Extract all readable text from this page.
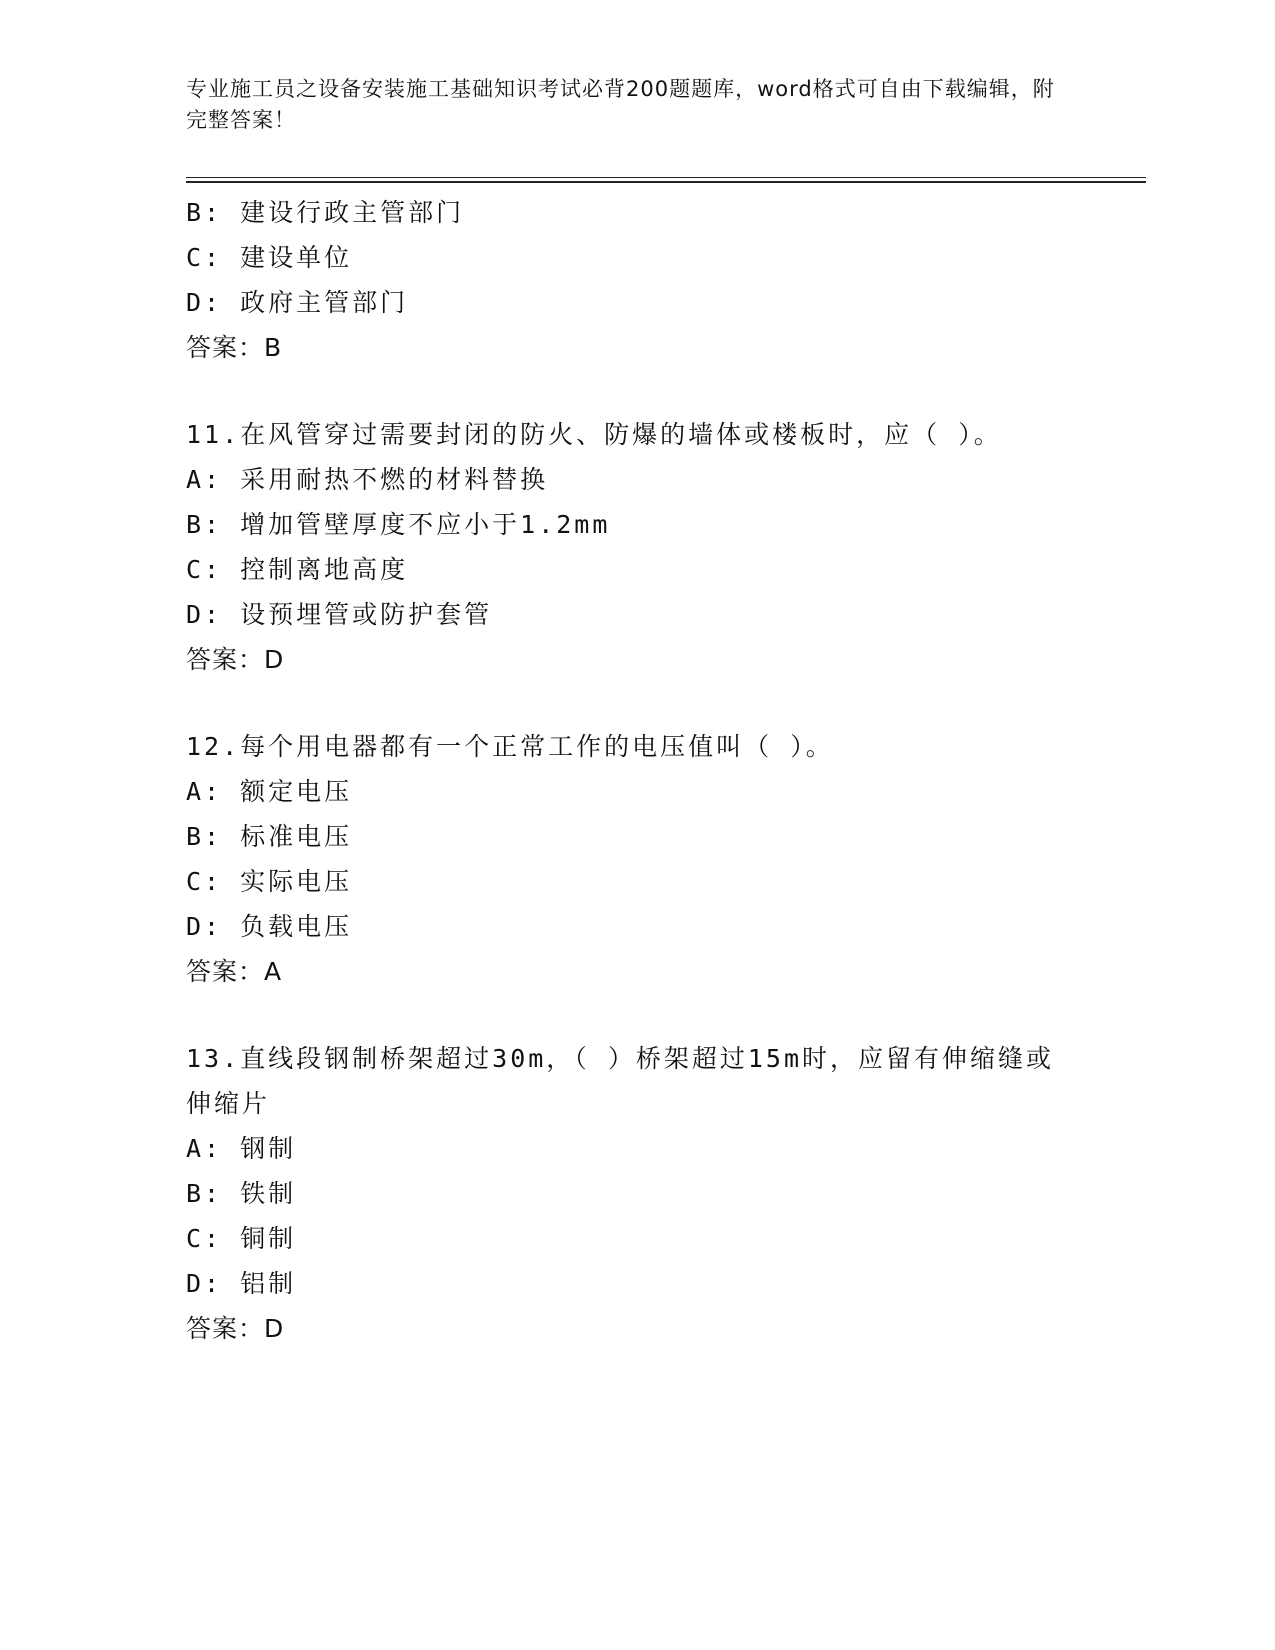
专业施工员之设备安装施工基础知识考试必背200题题库，word格式可自由下载编辑，附完整答案！
B: 建设行政主管部门
C: 建设单位
D: 政府主管部门
答案：B
11.在风管穿过需要封闭的防火、防爆的墙体或楼板时，应（ ）。
A: 采用耐热不燃的材料替换
B: 增加管壁厚度不应小于1.2mm
C: 控制离地高度
D: 设预埋管或防护套管
答案：D
12.每个用电器都有一个正常工作的电压值叫（ ）。
A: 额定电压
B: 标准电压
C: 实际电压
D: 负载电压
答案：A
13.直线段钢制桥架超过30m，（ ）桥架超过15m时，应留有伸缩缝或伸缩片
A: 钢制
B: 铁制
C: 铜制
D: 铝制
答案：D
